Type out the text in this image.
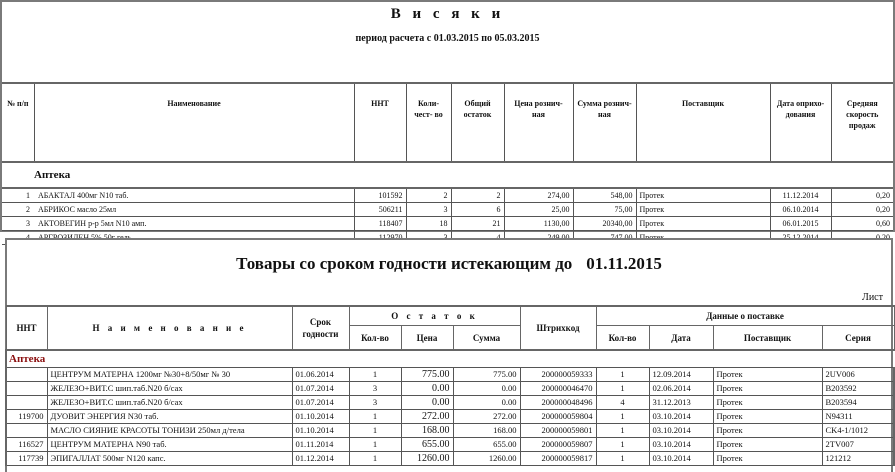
В и с я к и
период расчета с 01.03.2015 по 05.03.2015
№ п/п	Наименование	ННТ	Коли- чест- во	Общий остаток	Цена рознич- ная	Сумма рознич- ная	Поставщик	Дата оприхо- дования	Средняя скорость продаж
Аптека									
1	АБАКТАЛ 400мг N10 таб.	101592	2	2	274,00	548,00	Протек	11.12.2014	0,20
2	АБРИКОС масло 25мл	506211	3	6	25,00	75,00	Протек	06.10.2014	0,20
3	АКТОВЕГИН р-р 5мл N10 амп.	118407	18	21	1130,00	20340,00	Протек	06.01.2015	0,60

Товары со сроком годности истекающим до 01.11.2015
Лист
ННТ	Н а и м е н о в а н и е	Срок годности	О с т а т о к			Штрихкод	Данные о поставке			
			Кол-во	Цена	Сумма		Кол-во	Дата	Поставщик	Серия
Аптека										
	ЦЕНТРУМ МАТЕРНА 1200мг №30+8/50мг № 30	01.06.2014	1	775.00	775.00	200000059333	1	12.09.2014	Протек	2UV006
	ЖЕЛЕЗО+ВИТ.С шип.таб.N20 б/сах	01.07.2014	3	0.00	0.00	200000046470	1	02.06.2014	Протек	B203592
	ЖЕЛЕЗО+ВИТ.С шип.таб.N20 б/сах	01.07.2014	3	0.00	0.00	200000048496	4	31.12.2013	Протек	B203594
119700	ДУОВИТ ЭНЕРГИЯ N30 таб.	01.10.2014	1	272.00	272.00	200000059804	1	03.10.2014	Протек	N94311
	МАСЛО СИЯНИЕ КРАСОТЫ ТОНИЗИ 250мл д/тела	01.10.2014	1	168.00	168.00	200000059801	1	03.10.2014	Протек	CK4-1/1012
116527	ЦЕНТРУМ МАТЕРНА N90 таб.	01.11.2014	1	655.00	655.00	200000059807	1	03.10.2014	Протек	2TV007
117739	ЭПИГАЛЛАТ 500мг N120 капс.	01.12.2014	1	1260.00	1260.00	200000059817	1	03.10.2014	Протек	121212
